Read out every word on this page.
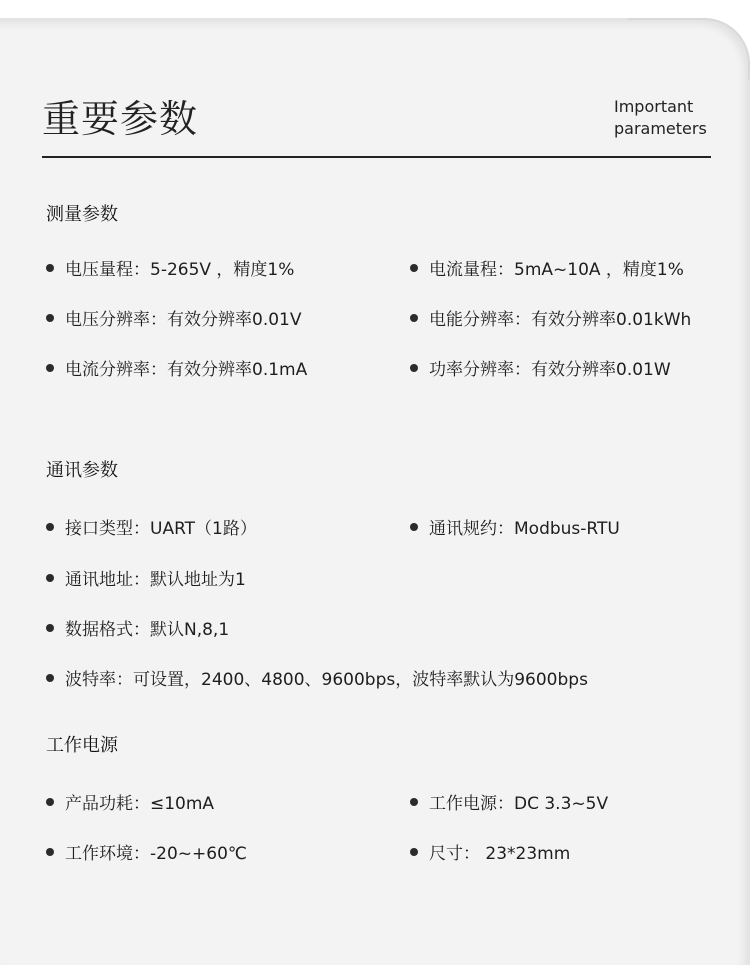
重要参数	Important
parameters
测量参数
电压量程：5-265V ，精度1%	电流量程：5mA~10A ，精度1%
电压分辨率：有效分辨率0.01V	电能分辨率：有效分辨率0.01kWh
电流分辨率：有效分辨率0.1mA	功率分辨率：有效分辨率0.01W
通讯参数
接口类型：UART（1路）	通讯规约：Modbus-RTU
通讯地址：默认地址为1
数据格式：默认N,8,1
波特率：可设置，2400、4800、9600bps，波特率默认为9600bps
工作电源
产品功耗：≤10mA	工作电源：DC 3.3~5V
工作环境：-20~+60℃	尺寸： 23*23mm
